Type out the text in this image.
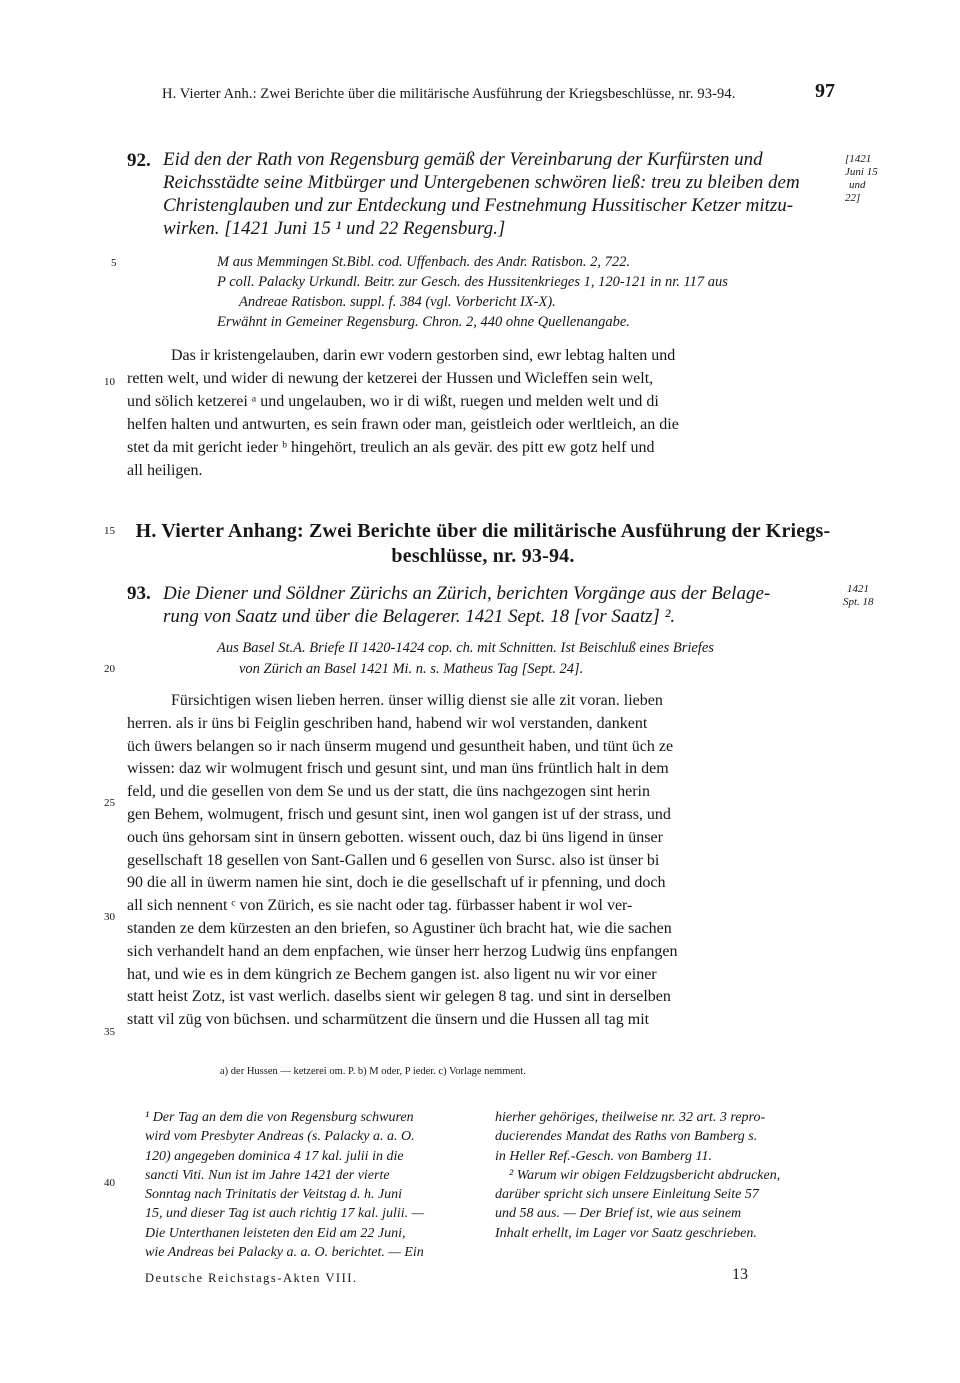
H. Vierter Anh.: Zwei Berichte über die militärische Ausführung der Kriegsbeschlüsse, nr. 93-94.	97
92. Eid den der Rath von Regensburg gemäß der Vereinbarung der Kurfürsten und
Reichsstädte seine Mitbürger und Untergebenen schwören ließ: treu zu bleiben dem
Christenglauben und zur Entdeckung und Festnehmung Hussitischer Ketzer mitzu-
wirken. [1421 Juni 15 ¹ und 22 Regensburg.]
[1421
Juni 15
und
22]
M aus Memmingen St.Bibl. cod. Uffenbach. des Andr. Ratisbon. 2, 722.
P coll. Palacky Urkundl. Beitr. zur Gesch. des Hussitenkrieges 1, 120-121 in nr. 117 aus
Andreae Ratisbon. suppl. f. 384 (vgl. Vorbericht IX-X).
Erwähnt in Gemeiner Regensburg. Chron. 2, 440 ohne Quellenangabe.
Das ir kristengelauben, darin ewr vodern gestorben sind, ewr lebtag halten und
retten welt, und wider di newung der ketzerei der Hussen und Wicleffen sein welt,
und sölich ketzerei ᵃ und ungelauben, wo ir di wißt, ruegen und melden welt und di
helfen halten und antwurten, es sein frawn oder man, geistleich oder werltleich, an die
stet da mit gericht ieder ᵇ hingehört, treulich an als gevär. des pitt ew gotz helf und
all heiligen.
H. Vierter Anhang: Zwei Berichte über die militärische Ausführung der Kriegs-
beschlüsse, nr. 93-94.
93. Die Diener und Söldner Zürichs an Zürich, berichten Vorgänge aus der Belage-
rung von Saatz und über die Belagerer. 1421 Sept. 18 [vor Saatz] ².
1421
Spt. 18
Aus Basel St.A. Briefe II 1420-1424 cop. ch. mit Schnitten. Ist Beischluß eines Briefes
von Zürich an Basel 1421 Mi. n. s. Matheus Tag [Sept. 24].
Fürsichtigen wisen lieben herren. ünser willig dienst sie alle zit voran. lieben
herren. als ir üns bi Feiglin geschriben hand, habend wir wol verstanden, dankent
üch üwers belangen so ir nach ünserm mugend und gesuntheit haben, und tünt üch ze
wissen: daz wir wolmugent frisch und gesunt sint, und man üns früntlich halt in dem
feld, und die gesellen von dem Se und us der statt, die üns nachgezogen sint herin
gen Behem, wolmugent, frisch und gesunt sint, inen wol gangen ist uf der strass, und
ouch üns gehorsam sint in ünsern gebotten. wissent ouch, daz bi üns ligend in ünser
gesellschaft 18 gesellen von Sant-Gallen und 6 gesellen von Sursc. also ist ünser bi
90 die all in üwerm namen hie sint, doch ie die gesellschaft uf ir pfenning, und doch
all sich nennent ᶜ von Zürich, es sie nacht oder tag. fürbasser habent ir wol ver-
standen ze dem kürzesten an den briefen, so Agustiner üch bracht hat, wie die sachen
sich verhandelt hand an dem enpfachen, wie ünser herr herzog Ludwig üns enpfangen
hat, und wie es in dem küngrich ze Bechem gangen ist. also ligent nu wir vor einer
statt heist Zotz, ist vast werlich. daselbs sient wir gelegen 8 tag. und sint in derselben
statt vil züg von büchsen. und scharmützent die ünsern und die Hussen all tag mit
5
10
15
20
25
30
35
40
a) der Hussen — ketzerei om. P. b) M oder, P ieder. c) Vorlage nemment.
¹ Der Tag an dem die von Regensburg schwuren
wird vom Presbyter Andreas (s. Palacky a. a. O.
120) angegeben dominica 4 17 kal. julii in die
sancti Viti. Nun ist im Jahre 1421 der vierte
Sonntag nach Trinitatis der Veitstag d. h. Juni
15, und dieser Tag ist auch richtig 17 kal. julii. —
Die Unterthanen leisteten den Eid am 22 Juni,
wie Andreas bei Palacky a. a. O. berichtet. — Ein
hierher gehöriges, theilweise nr. 32 art. 3 repro-
ducierendes Mandat des Raths von Bamberg s.
in Heller Ref.-Gesch. von Bamberg 11.
² Warum wir obigen Feldzugsbericht abdrucken,
darüber spricht sich unsere Einleitung Seite 57
und 58 aus. — Der Brief ist, wie aus seinem
Inhalt erhellt, im Lager vor Saatz geschrieben.
Deutsche Reichstags-Akten VIII.	13
